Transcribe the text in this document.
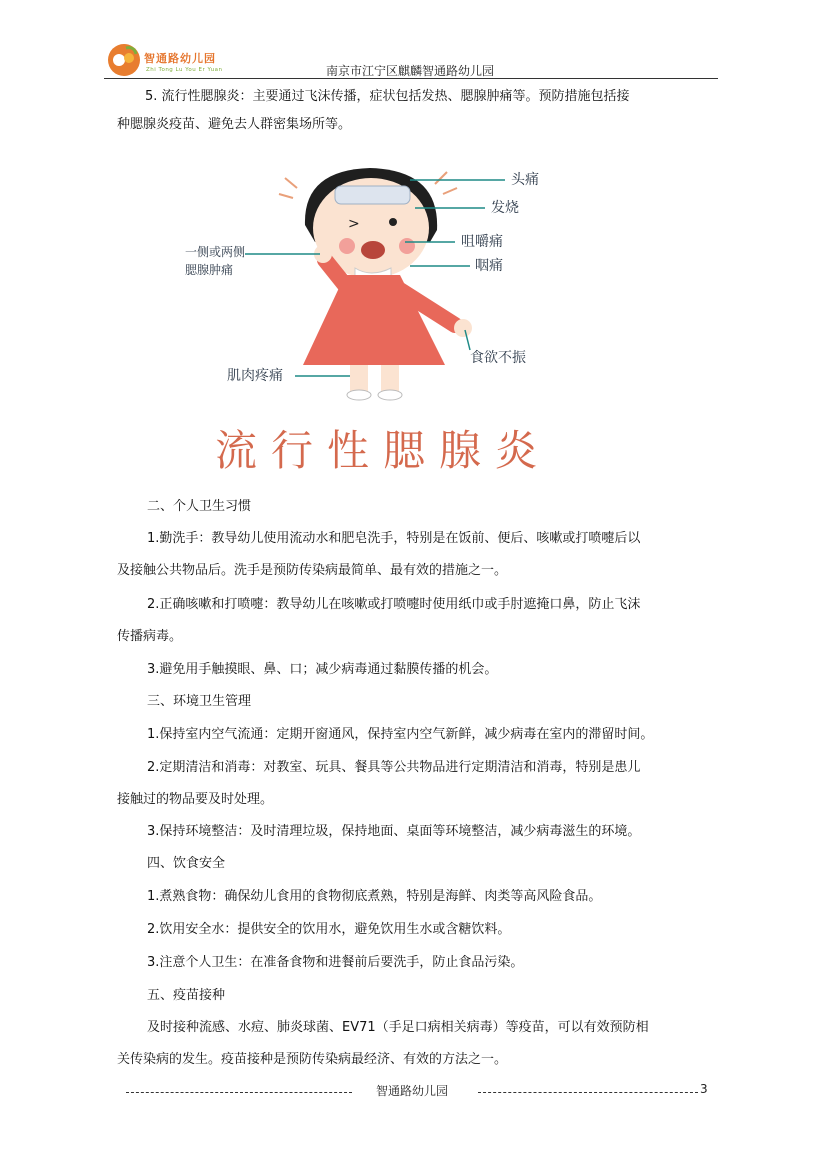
智通路幼儿园
Zhi Tong Lu You Er Yuan	南京市江宁区麒麟智通路幼儿园

5. 流行性腮腺炎：主要通过飞沫传播，症状包括发热、腮腺肿痛等。预防措施包括接

种腮腺炎疫苗、避免去人群密集场所等。

>
头痛
发烧
咀嚼痛
一侧或两侧
腮腺肿痛	咽痛
食欲不振
肌肉疼痛
流行性腮腺炎

二、个人卫生习惯

1.勤洗手：教导幼儿使用流动水和肥皂洗手，特别是在饭前、便后、咳嗽或打喷嚏后以

及接触公共物品后。洗手是预防传染病最简单、最有效的措施之一。

2.正确咳嗽和打喷嚏：教导幼儿在咳嗽或打喷嚏时使用纸巾或手肘遮掩口鼻，防止飞沫

传播病毒。

3.避免用手触摸眼、鼻、口；减少病毒通过黏膜传播的机会。

三、环境卫生管理

1.保持室内空气流通：定期开窗通风，保持室内空气新鲜，减少病毒在室内的滞留时间。

2.定期清洁和消毒：对教室、玩具、餐具等公共物品进行定期清洁和消毒，特别是患儿

接触过的物品要及时处理。

3.保持环境整洁：及时清理垃圾，保持地面、桌面等环境整洁，减少病毒滋生的环境。

四、饮食安全

1.煮熟食物：确保幼儿食用的食物彻底煮熟，特别是海鲜、肉类等高风险食品。

2.饮用安全水：提供安全的饮用水，避免饮用生水或含糖饮料。

3.注意个人卫生：在准备食物和进餐前后要洗手，防止食品污染。

五、疫苗接种

及时接种流感、水痘、肺炎球菌、EV71（手足口病相关病毒）等疫苗，可以有效预防相

关传染病的发生。疫苗接种是预防传染病最经济、有效的方法之一。

智通路幼儿园	3
